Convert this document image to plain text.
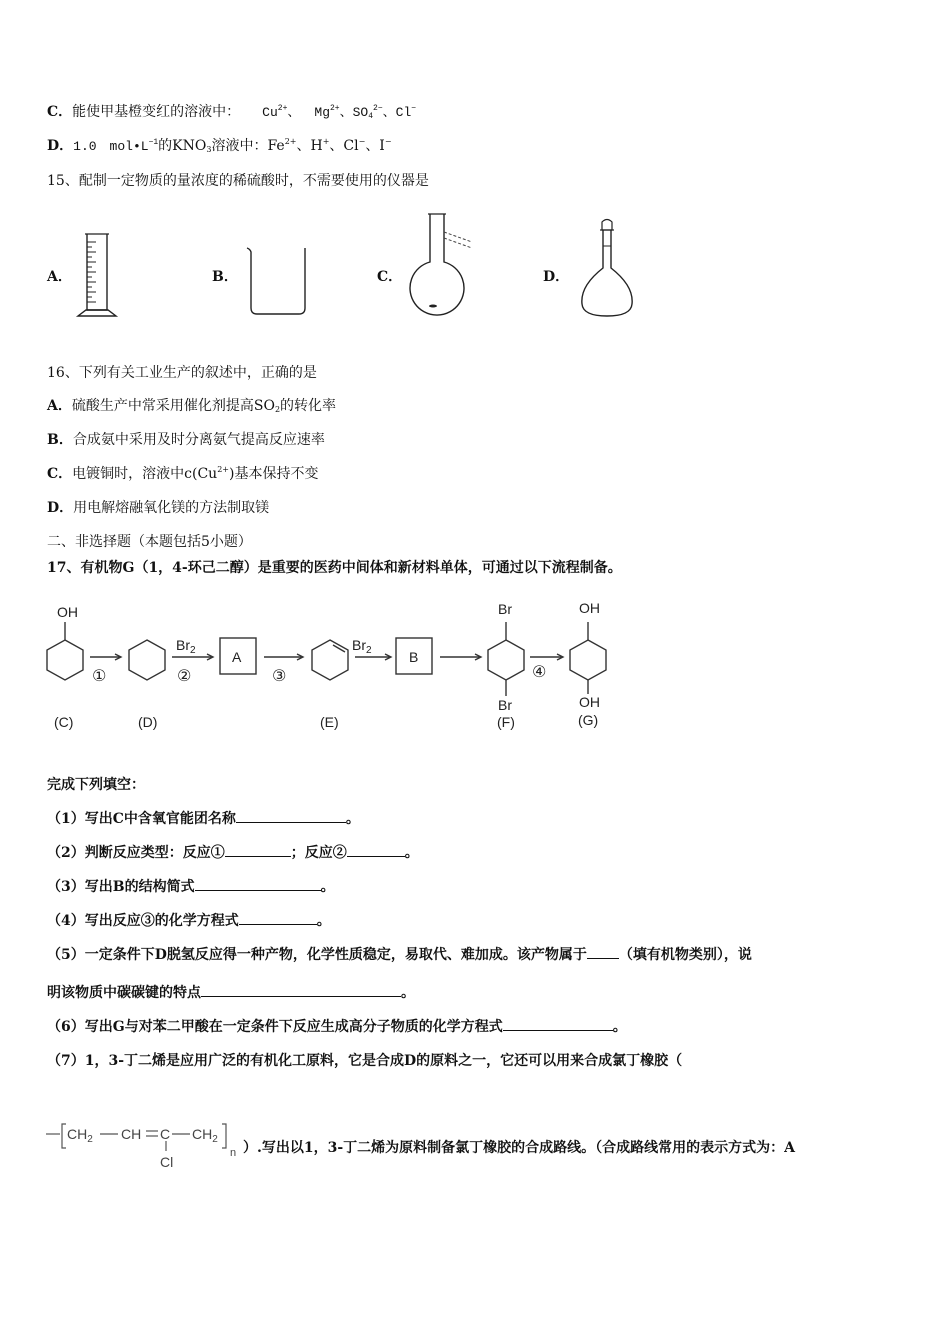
C．能使甲基橙变红的溶液中： $Cu^{2+}$、 $Mg^{2+}$、$SO_4^{2-}$、Cl−
D．1.0　$mol•L^{-1}$的$KNO_3$溶液中：$Fe^{2+}$、H+、Cl−、I−
15、配制一定物质的量浓度的稀硫酸时，不需要使用的仪器是
A．	B．	C．	D．
16、下列有关工业生产的叙述中，正确的是
A．硫酸生产中常采用催化剂提高$SO_2$的转化率
B．合成氨中采用及时分离氨气提高反应速率
C．电镀铜时，溶液中$c(Cu^{2+})$基本保持不变
D．用电解熔融氧化镁的方法制取镁
二、非选择题（本题包括5小题）
17、有机物G（1，4-环己二醇）是重要的医药中间体和新材料单体，可通过以下流程制备。
OH
$Br_2$	A
$Br_2$	B
Br
Br
OH
OH
①	②	③	④
(C)	(D)	(E)	(F)	(G)
完成下列填空：
（1）写出C中含氧官能团名称	。
（2）判断反应类型：反应①	；反应②	。
（3）写出B的结构简式	。
（4）写出反应③的化学方程式	。
（5）一定条件下D脱氢反应得一种产物，化学性质稳定，易取代、难加成。该产物属于 （填有机物类别），说
明该物质中碳碳键的特点	。
（6）写出G与对苯二甲酸在一定条件下反应生成高分子物质的化学方程式	。
（7）1，3-丁二烯是应用广泛的有机化工原料，它是合成D的原料之一，它还可以用来合成氯丁橡胶（
$CH_2$ CH C $CH_2$
Cl
n ）.写出以1，3-丁二烯为原料制备氯丁橡胶的合成路线。（合成路线常用的表示方式为：A
